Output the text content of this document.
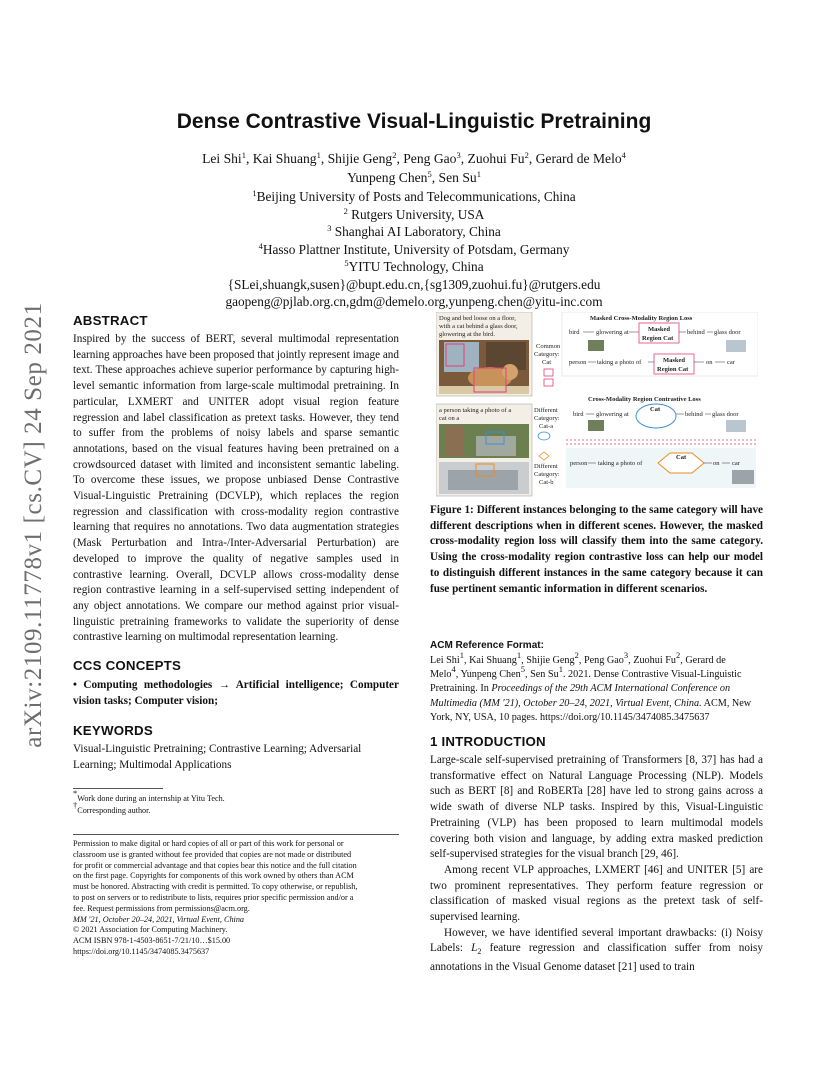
arXiv:2109.11778v1 [cs.CV] 24 Sep 2021
Dense Contrastive Visual-Linguistic Pretraining
Lei Shi$^1$, Kai Shuang$^1$, Shijie Geng$^2$, Peng Gao$^3$, Zuohui Fu$^2$, Gerard de Melo$^4$
Yunpeng Chen$^5$, Sen Su$^1$
$^1$Beijing University of Posts and Telecommunications, China
$^2$ Rutgers University, USA
$^3$ Shanghai AI Laboratory, China
$^4$Hasso Plattner Institute, University of Potsdam, Germany
$^5$YITU Technology, China
{SLei,shuangk,susen}@bupt.edu.cn,{sg1309,zuohui.fu}@rutgers.edu
gaopeng@pjlab.org.cn,gdm@demelo.org,yunpeng.chen@yitu-inc.com
ABSTRACT
Inspired by the success of BERT, several multimodal representation learning approaches have been proposed that jointly represent image and text. These approaches achieve superior performance by capturing high-level semantic information from large-scale multimodal pretraining. In particular, LXMERT and UNITER adopt visual region feature regression and label classification as pretext tasks. However, they tend to suffer from the problems of noisy labels and sparse semantic annotations, based on the visual features having been pretrained on a crowdsourced dataset with limited and inconsistent semantic labeling. To overcome these issues, we propose unbiased Dense Contrastive Visual-Linguistic Pretraining (DCVLP), which replaces the region regression and classification with cross-modality region contrastive learning that requires no annotations. Two data augmentation strategies (Mask Perturbation and Intra-/Inter-Adversarial Perturbation) are developed to improve the quality of negative samples used in contrastive learning. Overall, DCVLP allows cross-modality dense region contrastive learning in a self-supervised setting independent of any object annotations. We compare our method against prior visual-linguistic pretraining frameworks to validate the superiority of dense contrastive learning on multimodal representation learning.
CCS CONCEPTS
• Computing methodologies → Artificial intelligence; Computer vision tasks; Computer vision;
KEYWORDS
Visual-Linguistic Pretraining; Contrastive Learning; Adversarial Learning; Multimodal Applications
*Work done during an internship at Yitu Tech.
†Corresponding author.
Permission to make digital or hard copies of all or part of this work for personal or
classroom use is granted without fee provided that copies are not made or distributed
for profit or commercial advantage and that copies bear this notice and the full citation
on the first page. Copyrights for components of this work owned by others than ACM
must be honored. Abstracting with credit is permitted. To copy otherwise, or republish,
to post on servers or to redistribute to lists, requires prior specific permission and/or a
fee. Request permissions from permissions@acm.org.
MM '21, October 20–24, 2021, Virtual Event, China
© 2021 Association for Computing Machinery.
ACM ISBN 978-1-4503-8651-7/21/10…$15.00
https://doi.org/10.1145/3474085.3475637
Dog and bed loose on a floor,
with a cat behind a glass door,
glowering at the bird.
Common
Category:
Cat
Masked Cross-Modality Region Loss
bird	glowering at	Masked
Region Cat
behind glass door
person taking a photo of	Masked
Region Cat
on car
a person taking a photo of a
cat on a
Different
Category:
Cat-a
Different
Category:
Cat-b
Cross-Modality Region Contrastive Loss
bird glowering at
Cat
behind glass door
person taking a photo of
Cat
on car
Figure 1: Different instances belonging to the same category will have different descriptions when in different scenes. However, the masked cross-modality region loss will classify them into the same category. Using the cross-modality region contrastive loss can help our model to distinguish different instances in the same category because it can fuse pertinent semantic information in different scenarios.
ACM Reference Format:
Lei Shi$^1$, Kai Shuang$^1$, Shijie Geng$^2$, Peng Gao$^3$, Zuohui Fu$^2$, Gerard de
Melo$^4$, Yunpeng Chen$^5$, Sen Su$^1$. 2021. Dense Contrastive Visual-Linguistic
Pretraining. In Proceedings of the 29th ACM International Conference on
Multimedia (MM '21), October 20–24, 2021, Virtual Event, China. ACM, New
York, NY, USA, 10 pages. https://doi.org/10.1145/3474085.3475637
1 INTRODUCTION

Large-scale self-supervised pretraining of Transformers [8, 37] has had a transformative effect on Natural Language Processing (NLP). Models such as BERT [8] and RoBERTa [28] have led to strong gains across a wide swath of diverse NLP tasks. Inspired by this, Visual-Linguistic Pretraining (VLP) has been proposed to learn multimodal models covering both vision and language, by adding extra masked prediction self-supervised strategies for the visual branch [29, 46].

Among recent VLP approaches, LXMERT [46] and UNITER [5] are two prominent representatives. They perform feature regression or classification of masked visual regions as the pretext task of self-supervised learning.

However, we have identified several important drawbacks: (i) Noisy Labels: $L_2$ feature regression and classification suffer from noisy annotations in the Visual Genome dataset [21] used to train
